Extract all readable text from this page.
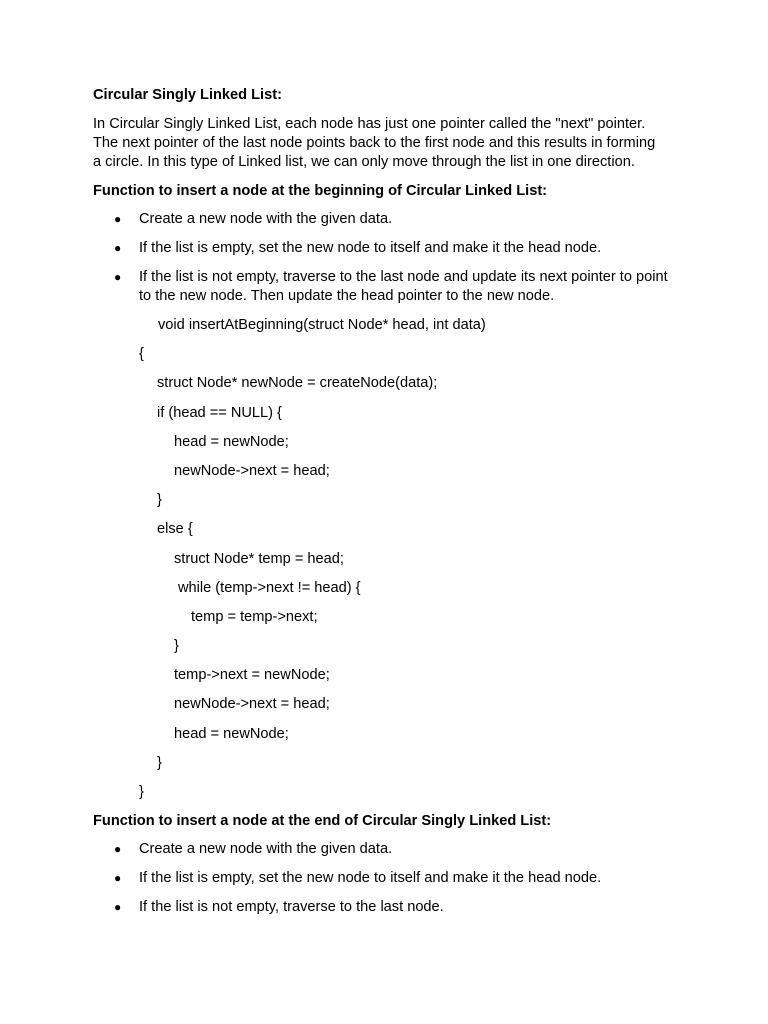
Circular Singly Linked List:
In Circular Singly Linked List, each node has just one pointer called the "next" pointer.
The next pointer of the last node points back to the first node and this results in forming
a circle. In this type of Linked list, we can only move through the list in one direction.
Function to insert a node at the beginning of Circular Linked List:
● Create a new node with the given data.
● If the list is empty, set the new node to itself and make it the head node.
● If the list is not empty, traverse to the last node and update its next pointer to point to the new node. Then update the head pointer to the new node.
void insertAtBeginning(struct Node* head, int data)
{
struct Node* newNode = createNode(data);
if (head == NULL) {
head = newNode;
newNode->next = head;
}
else {
struct Node* temp = head;
while (temp->next != head) {
temp = temp->next;
}
temp->next = newNode;
newNode->next = head;
head = newNode;
}
}
Function to insert a node at the end of Circular Singly Linked List:
● Create a new node with the given data.
● If the list is empty, set the new node to itself and make it the head node.
● If the list is not empty, traverse to the last node.
